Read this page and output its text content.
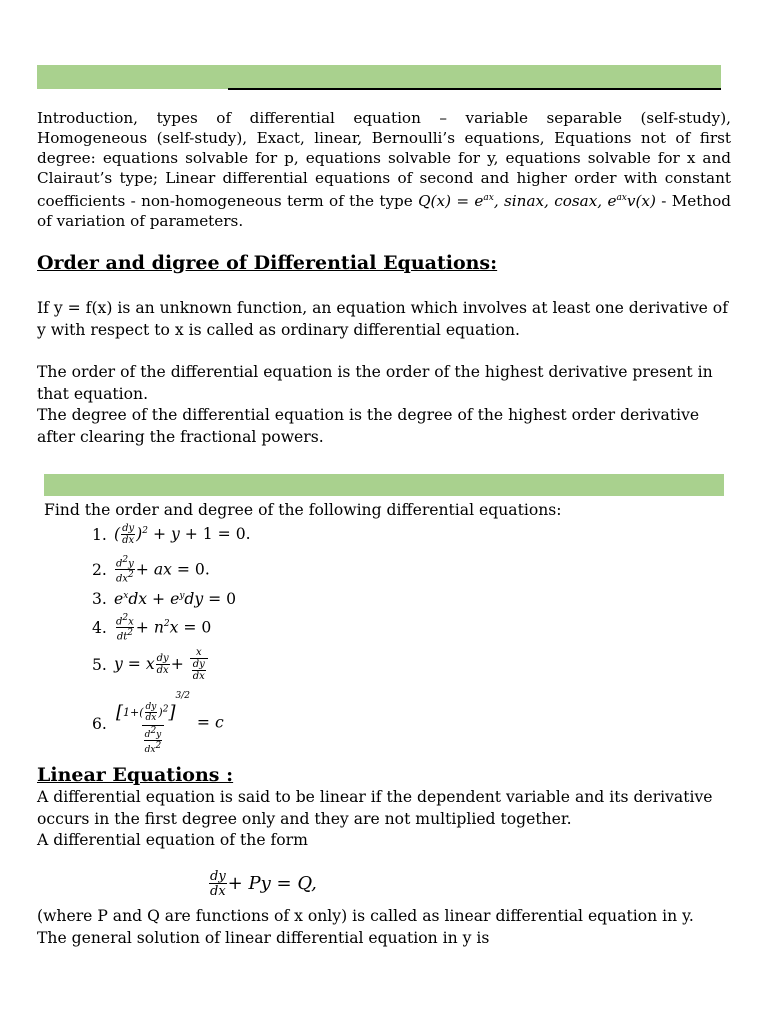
Introduction, types of differential equation – variable separable (self-study), Homogeneous (self-study), Exact, linear, Bernoulli’s equations, Equations not of first degree: equations solvable for p, equations solvable for y, equations solvable for x and Clairaut’s type; Linear differential equations of second and higher order with constant coefficients - non-homogeneous term of the type $Q(x) = e^{ax}$, sinax, cosax, $e^{ax}v(x)$ - Method of variation of parameters.
Order and digree of Differential Equations:
If y = f(x) is an unknown function, an equation which involves at least one derivative of y with respect to x is called as ordinary differential equation.
The order of the differential equation is the order of the highest derivative present in that equation.
The degree of the differential equation is the degree of the highest order derivative after clearing the fractional powers.
Find the order and degree of the following differential equations:
1. ( $\frac{dy}{dx} )^2 + y + 1 = 0$.
2. $\frac{d^2y}{dx^2}$ + ax = 0.
3. $e^xdx + e^ydy = 0$
4. $\frac{d^2x}{dt^2} + n^2x = 0$
5. y = x $\frac{dy}{dx} + \frac{x}{\frac{dy}{dx}}$
6. $\frac{[1+( \frac{dy}{dx} )^2]^{3/2}}{\frac{d^2y}{dx^2}} = c$
Linear Equations :
A differential equation is said to be linear if the dependent variable and its derivative occurs in the first degree only and they are not multiplied together.
A differential equation of the form
$\frac{dy}{dx} + Py = Q$,
(where P and Q are functions of x only) is called as linear differential equation in y.
The general solution of linear differential equation in y is
